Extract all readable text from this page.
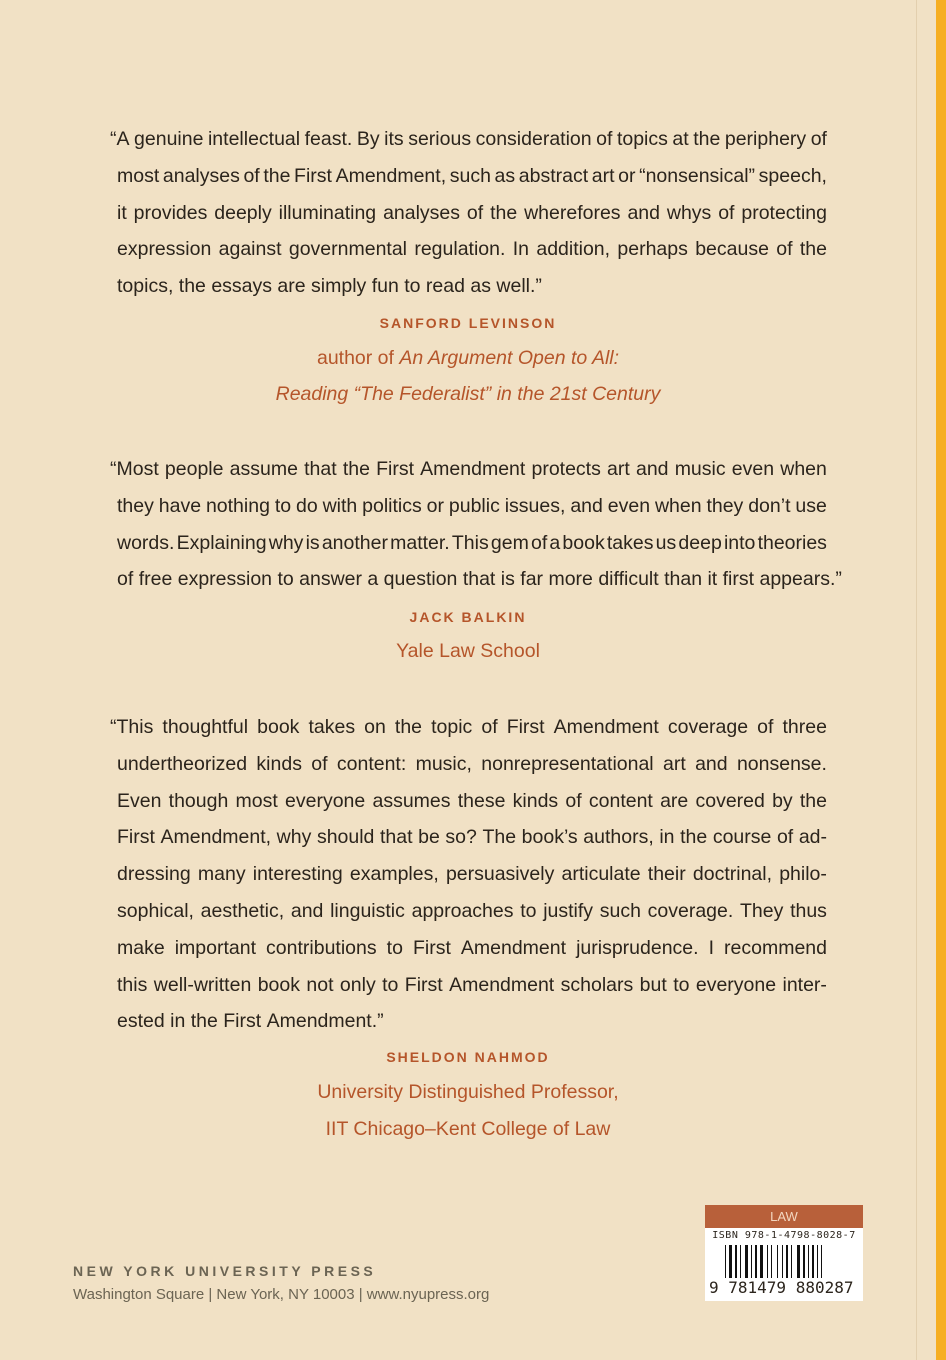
“A genuine intellectual feast. By its serious consideration of topics at the periphery of
most analyses of the First Amendment, such as abstract art or “nonsensical” speech,
it provides deeply illuminating analyses of the wherefores and whys of protecting
expression against governmental regulation. In addition, perhaps because of the
topics, the essays are simply fun to read as well.”
SANFORD LEVINSON
author of An Argument Open to All:
Reading “The Federalist” in the 21st Century
“Most people assume that the First Amendment protects art and music even when
they have nothing to do with politics or public issues, and even when they don’t use
words. Explaining why is another matter. This gem of a book takes us deep into theories
of free expression to answer a question that is far more difficult than it first appears.”
JACK BALKIN
Yale Law School
“This thoughtful book takes on the topic of First Amendment coverage of three
undertheorized kinds of content: music, nonrepresentational art and nonsense.
Even though most everyone assumes these kinds of content are covered by the
First Amendment, why should that be so? The book’s authors, in the course of ad-
dressing many interesting examples, persuasively articulate their doctrinal, philo-
sophical, aesthetic, and linguistic approaches to justify such coverage. They thus
make important contributions to First Amendment jurisprudence. I recommend
this well-written book not only to First Amendment scholars but to everyone inter-
ested in the First Amendment.”
SHELDON NAHMOD
University Distinguished Professor,
IIT Chicago–Kent College of Law
NEW YORK UNIVERSITY PRESS
Washington Square | New York, NY 10003 | www.nyupress.org
LAW
ISBN 978-1-4798-8028-7
9 781479 880287
